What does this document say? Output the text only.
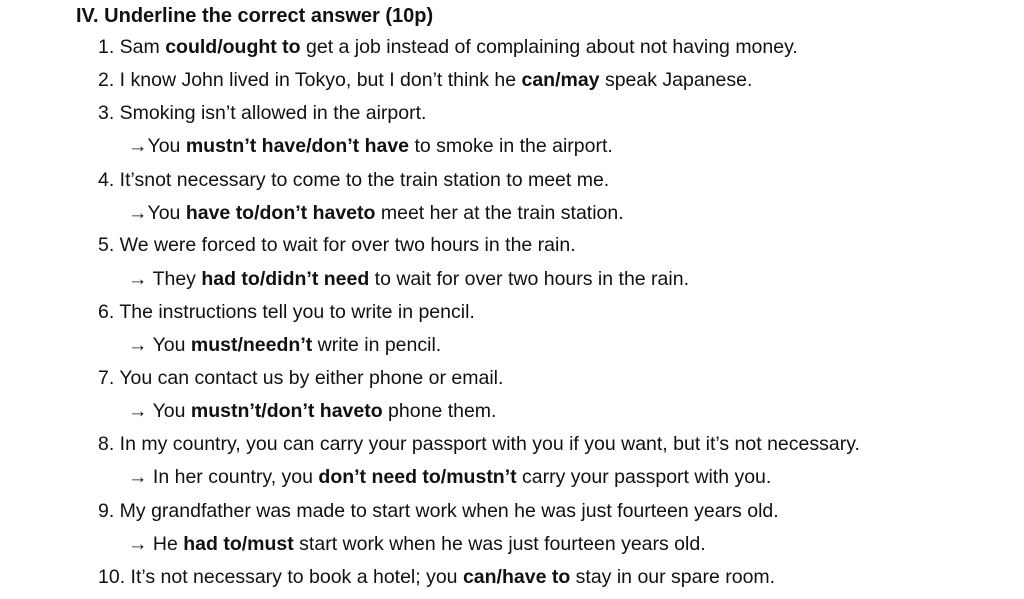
IV. Underline the correct answer (10p)
1. Sam could/ought to get a job instead of complaining about not having money.
2. I know John lived in Tokyo, but I don’t think he can/may speak Japanese.
3. Smoking isn’t allowed in the airport.
→You mustn’t have/don’t have to smoke in the airport.
4. It’snot necessary to come to the train station to meet me.
→You have to/don’t haveto meet her at the train station.
5. We were forced to wait for over two hours in the rain.
→ They had to/didn’t need to wait for over two hours in the rain.
6. The instructions tell you to write in pencil.
→ You must/needn’t write in pencil.
7. You can contact us by either phone or email.
→ You mustn’t/don’t haveto phone them.
8. In my country, you can carry your passport with you if you want, but it’s not necessary.
→ In her country, you don’t need to/mustn’t carry your passport with you.
9. My grandfather was made to start work when he was just fourteen years old.
→ He had to/must start work when he was just fourteen years old.
10. It’s not necessary to book a hotel; you can/have to stay in our spare room.
